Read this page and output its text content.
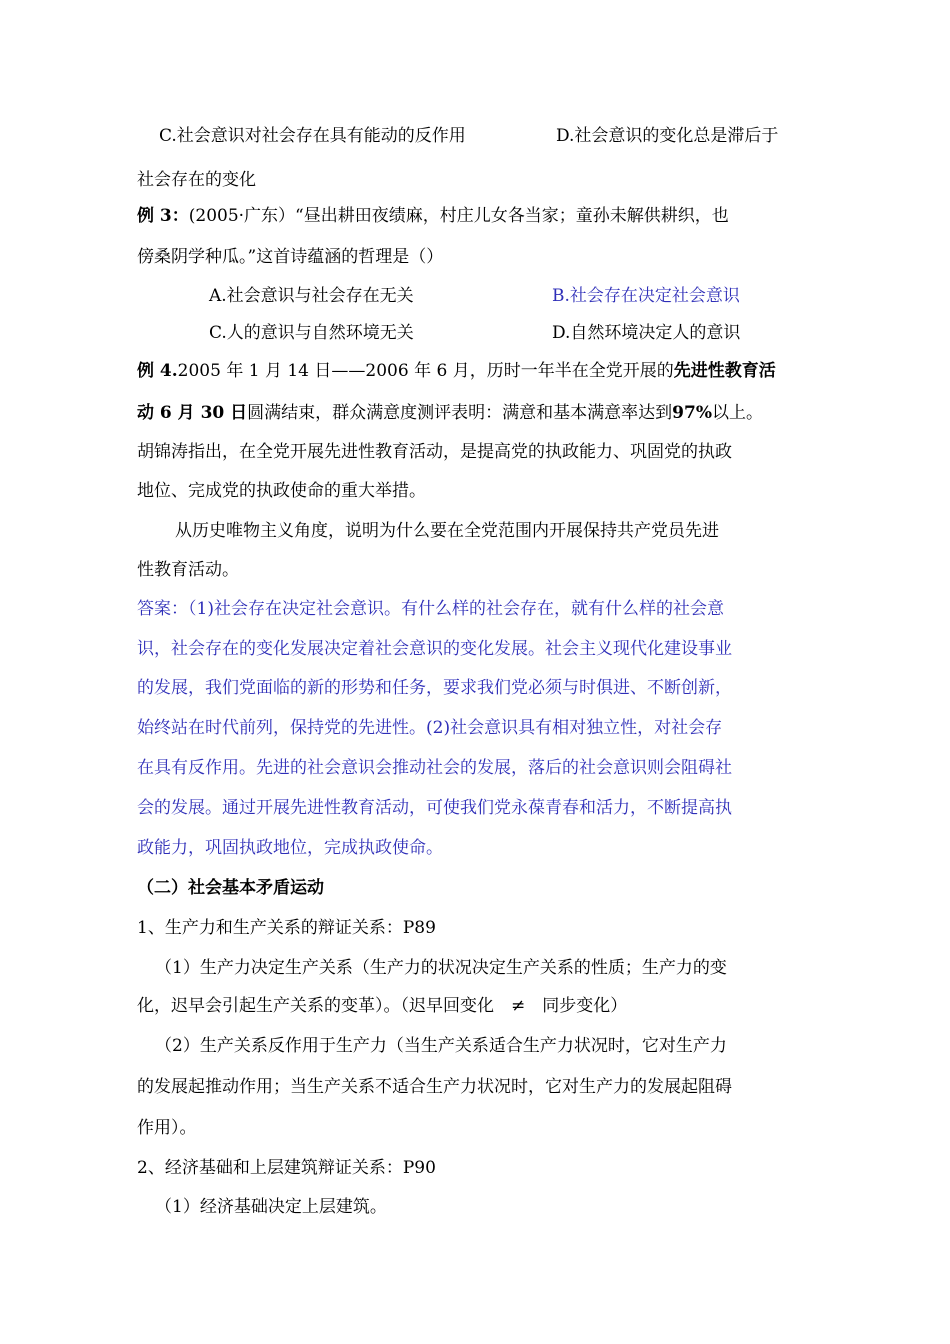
C.社会意识对社会存在具有能动的反作用	D.社会意识的变化总是滞后于
社会存在的变化
例 3：(2005·广东）“昼出耕田夜绩麻，村庄儿女各当家；童孙未解供耕织，也
傍桑阴学种瓜。”这首诗蕴涵的哲理是（）
A.社会意识与社会存在无关	B.社会存在决定社会意识
C.人的意识与自然环境无关	D.自然环境决定人的意识
例 4.2005 年 1 月 14 日——2006 年 6 月，历时一年半在全党开展的先进性教育活
动 6 月 30 日圆满结束，群众满意度测评表明：满意和基本满意率达到97%以上。
胡锦涛指出，在全党开展先进性教育活动，是提高党的执政能力、巩固党的执政
地位、完成党的执政使命的重大举措。
从历史唯物主义角度，说明为什么要在全党范围内开展保持共产党员先进
性教育活动。
答案：（1)社会存在决定社会意识。有什么样的社会存在，就有什么样的社会意
识，社会存在的变化发展决定着社会意识的变化发展。社会主义现代化建设事业
的发展，我们党面临的新的形势和任务，要求我们党必须与时俱进、不断创新，
始终站在时代前列，保持党的先进性。(2)社会意识具有相对独立性，对社会存
在具有反作用。先进的社会意识会推动社会的发展，落后的社会意识则会阻碍社
会的发展。通过开展先进性教育活动，可使我们党永葆青春和活力，不断提高执
政能力，巩固执政地位，完成执政使命。
（二）社会基本矛盾运动
1、生产力和生产关系的辩证关系：P89
（1）生产力决定生产关系（生产力的状况决定生产关系的性质；生产力的变
化，迟早会引起生产关系的变革）。（迟早回变化　≠　同步变化）
（2）生产关系反作用于生产力（当生产关系适合生产力状况时，它对生产力
的发展起推动作用；当生产关系不适合生产力状况时，它对生产力的发展起阻碍
作用）。
2、经济基础和上层建筑辩证关系：P90
（1）经济基础决定上层建筑。
